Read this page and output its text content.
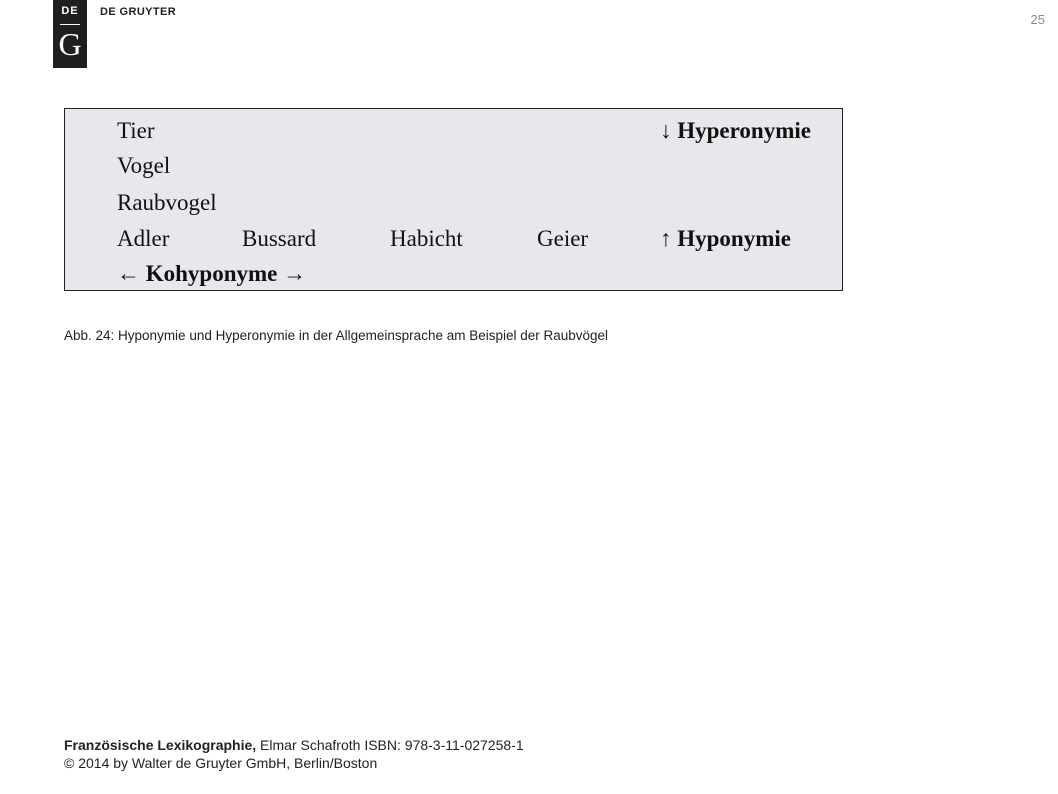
DE
G
DE GRUYTER	25
Tier	↓ Hyperonymie
Vogel
Raubvogel
Adler	Bussard	Habicht	Geier	↑ Hyponymie
← Kohyponyme →
Abb. 24: Hyponymie und Hyperonymie in der Allgemeinsprache am Beispiel der Raubvögel
Französische Lexikographie, Elmar Schafroth ISBN: 978-3-11-027258-1
© 2014 by Walter de Gruyter GmbH, Berlin/Boston
